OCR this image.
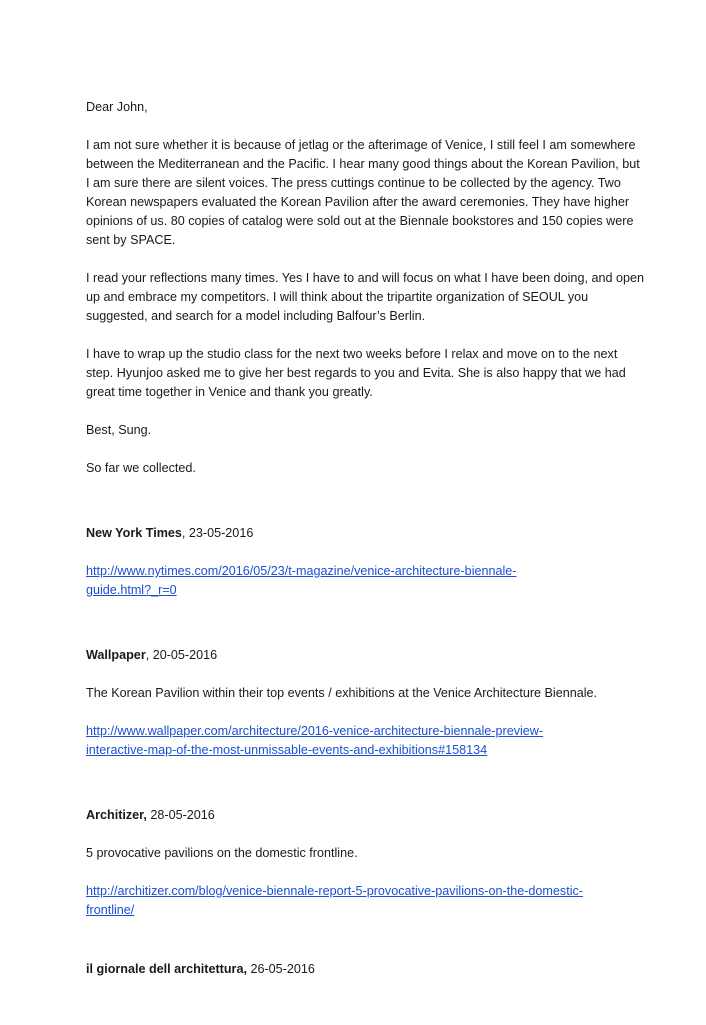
Dear John,

I am not sure whether it is because of jetlag or the afterimage of Venice, I still feel I am somewhere between the Mediterranean and the Pacific. I hear many good things about the Korean Pavilion, but I am sure there are silent voices. The press cuttings continue to be collected by the agency. Two Korean newspapers evaluated the Korean Pavilion after the award ceremonies. They have higher opinions of us. 80 copies of catalog were sold out at the Biennale bookstores and 150 copies were sent by SPACE.

I read your reflections many times. Yes I have to and will focus on what I have been doing, and open up and embrace my competitors. I will think about the tripartite organization of SEOUL you suggested, and search for a model including Balfour’s Berlin.

I have to wrap up the studio class for the next two weeks before I relax and move on to the next step. Hyunjoo asked me to give her best regards to you and Evita. She is also happy that we had great time together in Venice and thank you greatly.

Best, Sung.

So far we collected.

New York Times, 23-05-2016

http://www.nytimes.com/2016/05/23/t-magazine/venice-architecture-biennale-
guide.html?_r=0

Wallpaper, 20-05-2016

The Korean Pavilion within their top events / exhibitions at the Venice Architecture Biennale.

http://www.wallpaper.com/architecture/2016-venice-architecture-biennale-preview-
interactive-map-of-the-most-unmissable-events-and-exhibitions#158134

Architizer, 28-05-2016

5 provocative pavilions on the domestic frontline.

http://architizer.com/blog/venice-biennale-report-5-provocative-pavilions-on-the-domestic-
frontline/

il giornale dell architettura, 26-05-2016
